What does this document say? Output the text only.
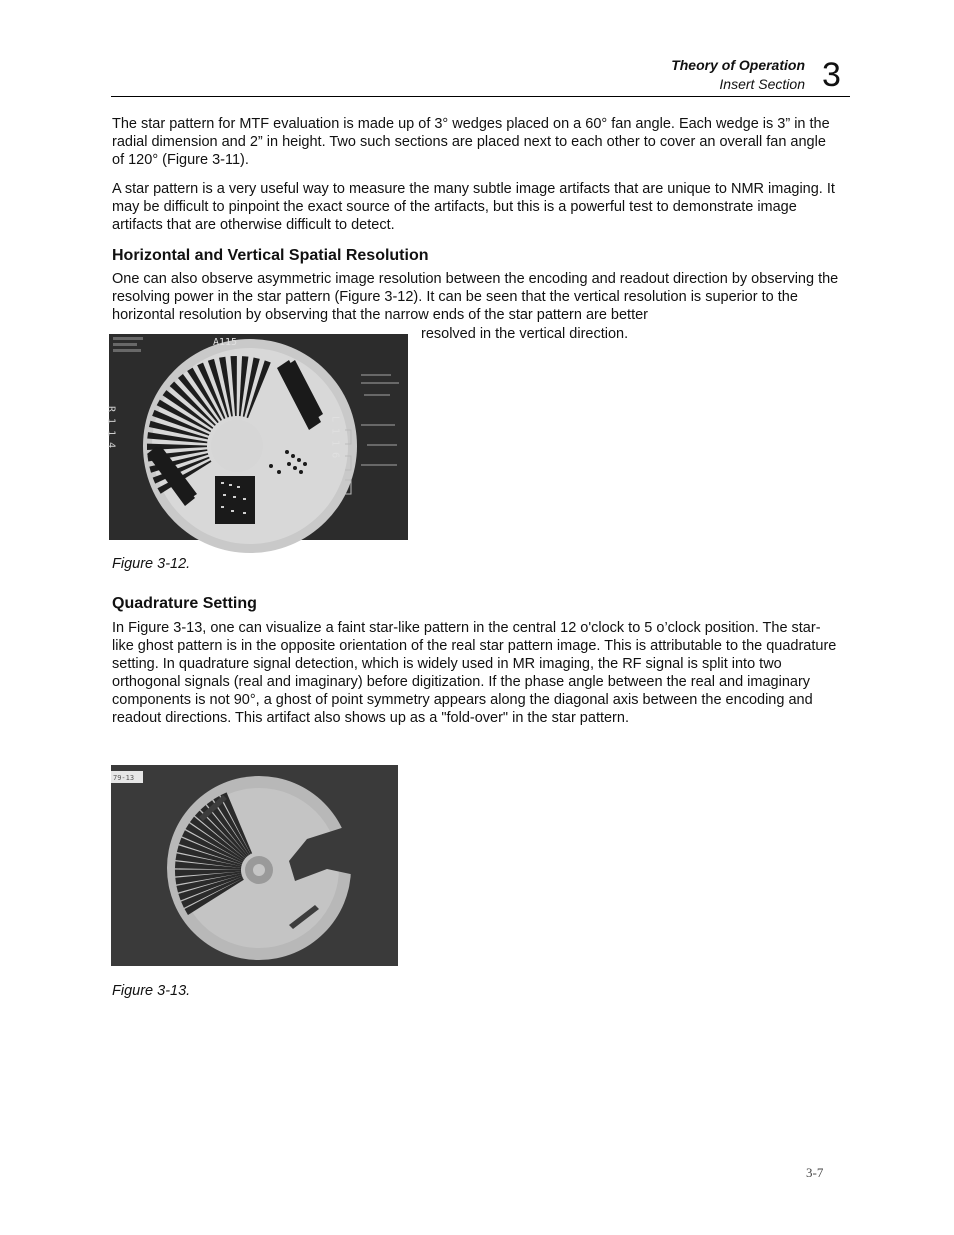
Theory of Operation
Insert Section 3

The star pattern for MTF evaluation is made up of 3° wedges placed on a 60° fan angle. Each wedge is 3” in the radial dimension and 2” in height. Two such sections are placed next to each other to cover an overall fan angle of 120° (Figure 3-11).

A star pattern is a very useful way to measure the many subtle image artifacts that are unique to NMR imaging. It may be difficult to pinpoint the exact source of the artifacts, but this is a powerful test to demonstrate image artifacts that are otherwise difficult to detect.

Horizontal and Vertical Spatial Resolution

One can also observe asymmetric image resolution between the encoding and readout direction by observing the resolving power in the star pattern (Figure 3-12). It can be seen that the vertical resolution is superior to the horizontal resolution by observing that the narrow ends of the star pattern are better

resolved in the vertical direction.
A115
L 1 1 6
R 1 1 4
Figure 3-12.
Quadrature Setting

In Figure 3-13, one can visualize a faint star-like pattern in the central 12 o'clock to 5 o’clock position. The star-like ghost pattern is in the opposite orientation of the real star pattern image. This is attributable to the quadrature setting. In quadrature signal detection, which is widely used in MR imaging, the RF signal is split into two orthogonal signals (real and imaginary) before digitization. If the phase angle between the real and imaginary components is not 90°, a ghost of point symmetry appears along the diagonal axis between the encoding and readout directions. This artifact also shows up as a "fold-over" in the star pattern.

79-13
Figure 3-13.
3-7
